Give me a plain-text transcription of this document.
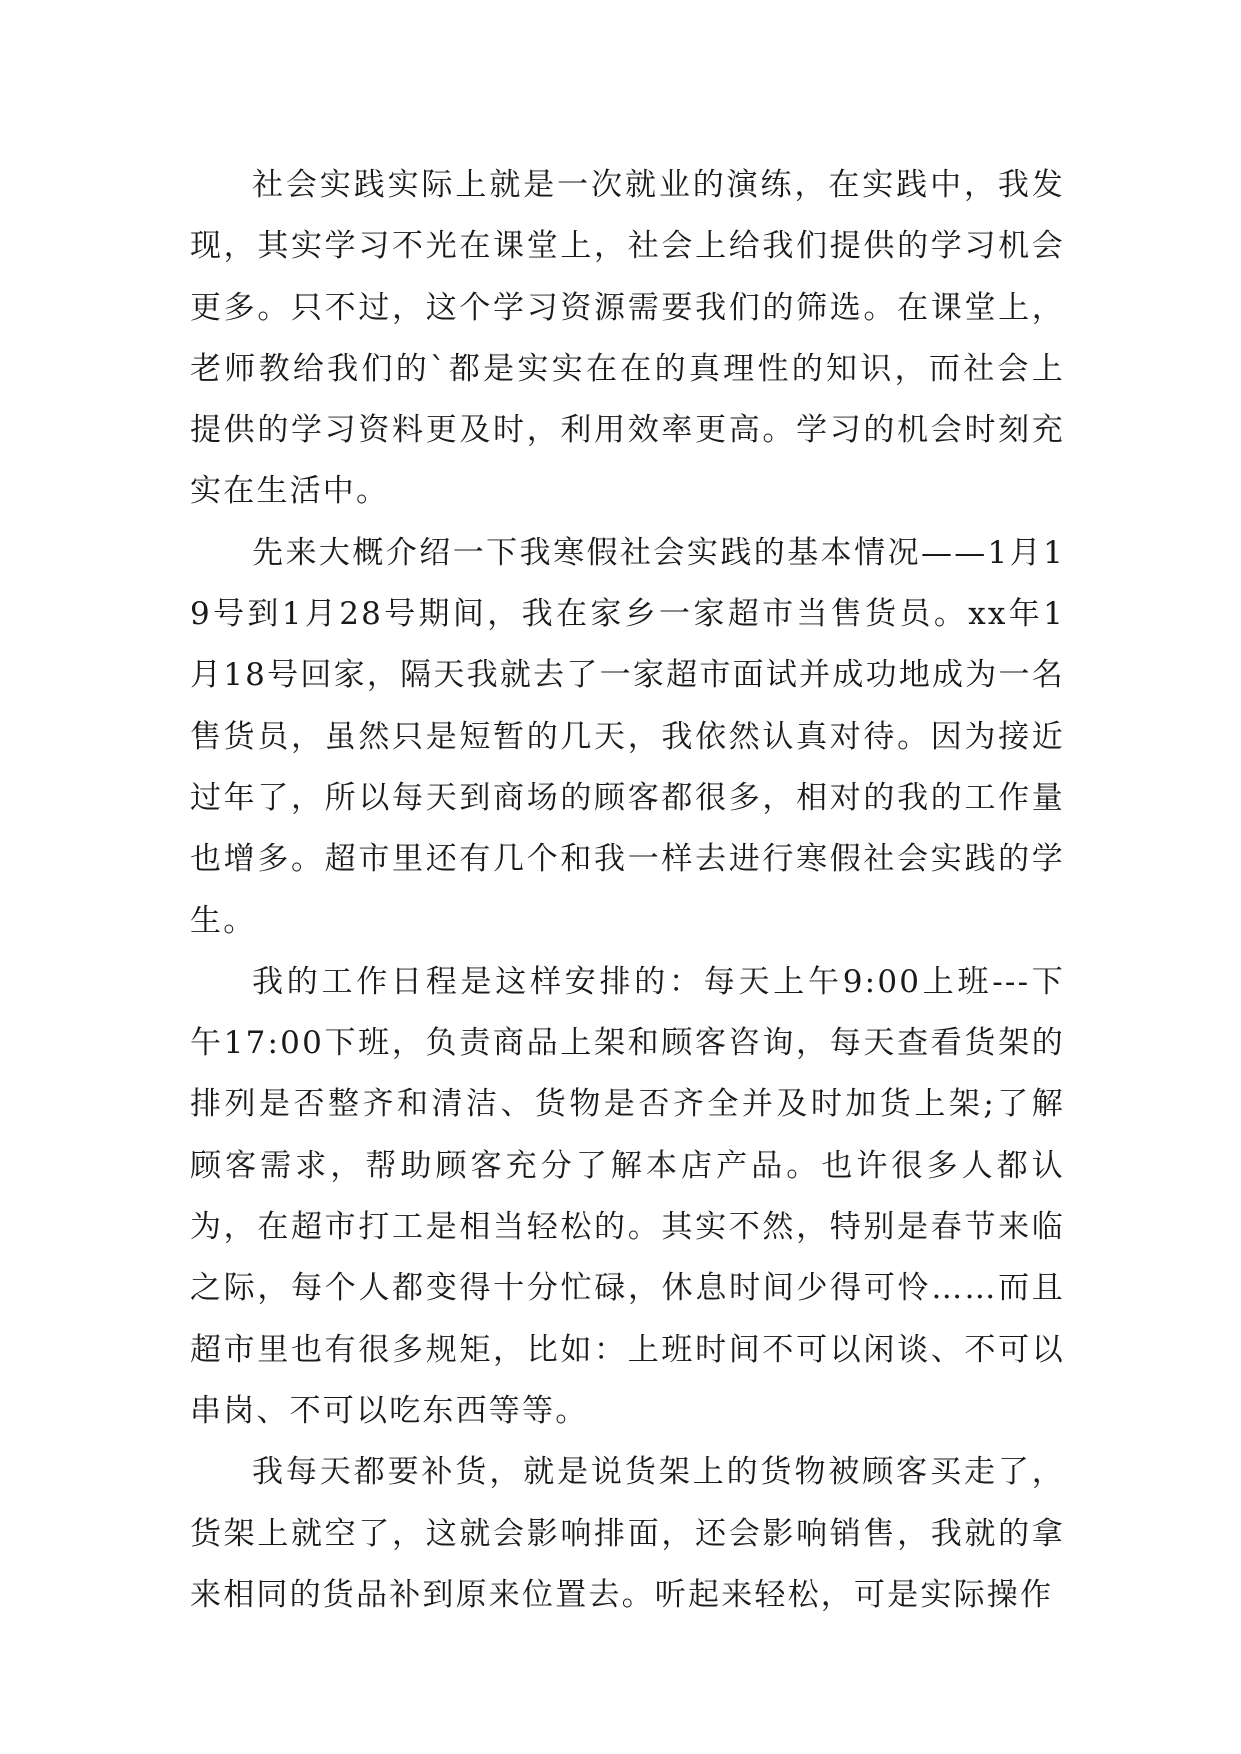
社会实践实际上就是一次就业的演练，在实践中，我发现，其实学习不光在课堂上，社会上给我们提供的学习机会更多。只不过，这个学习资源需要我们的筛选。在课堂上，老师教给我们的`都是实实在在的真理性的知识，而社会上提供的学习资料更及时，利用效率更高。学习的机会时刻充实在生活中。

先来大概介绍一下我寒假社会实践的基本情况——1月19号到1月28号期间，我在家乡一家超市当售货员。xx年1月18号回家，隔天我就去了一家超市面试并成功地成为一名售货员，虽然只是短暂的几天，我依然认真对待。因为接近过年了，所以每天到商场的顾客都很多，相对的我的工作量也增多。超市里还有几个和我一样去进行寒假社会实践的学生。

我的工作日程是这样安排的：每天上午9:00上班---下午17:00下班，负责商品上架和顾客咨询，每天查看货架的排列是否整齐和清洁、货物是否齐全并及时加货上架;了解顾客需求，帮助顾客充分了解本店产品。也许很多人都认为，在超市打工是相当轻松的。其实不然，特别是春节来临之际，每个人都变得十分忙碌，休息时间少得可怜……而且超市里也有很多规矩，比如：上班时间不可以闲谈、不可以串岗、不可以吃东西等等。

我每天都要补货，就是说货架上的货物被顾客买走了，货架上就空了，这就会影响排面，还会影响销售，我就的拿来相同的货品补到原来位置去。听起来轻松，可是实际操作
